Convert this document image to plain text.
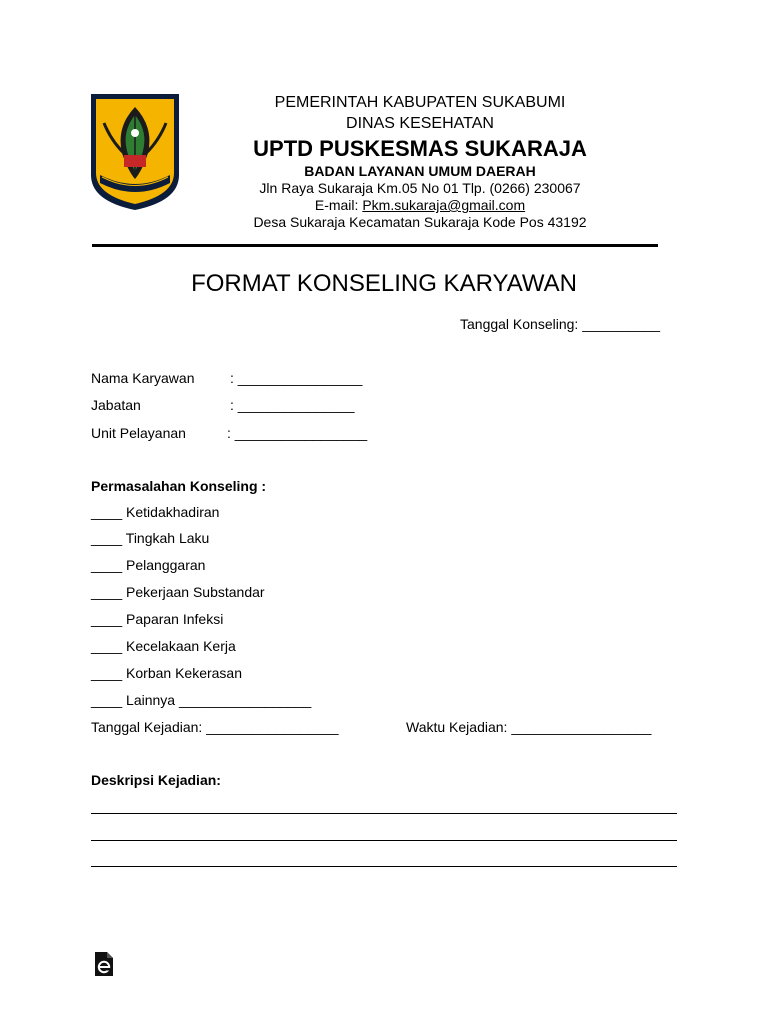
PEMERINTAH KABUPATEN SUKABUMI
DINAS KESEHATAN
UPTD PUSKESMAS SUKARAJA
BADAN LAYANAN UMUM DAERAH
Jln Raya Sukaraja Km.05 No 01 Tlp. (0266) 230067
E-mail: Pkm.sukaraja@gmail.com
Desa Sukaraja Kecamatan Sukaraja Kode Pos 43192
FORMAT KONSELING KARYAWAN
Tanggal Konseling: __________
Nama Karyawan	: ________________
Jabatan	: _______________
Unit Pelayanan	: _________________
Permasalahan Konseling :
____ Ketidakhadiran
____ Tingkah Laku
____ Pelanggaran
____ Pekerjaan Substandar
____ Paparan Infeksi
____ Kecelakaan Kerja
____ Korban Kekerasan
____ Lainnya _________________
Tanggal Kejadian: _________________	Waktu Kejadian: __________________
Deskripsi Kejadian:
